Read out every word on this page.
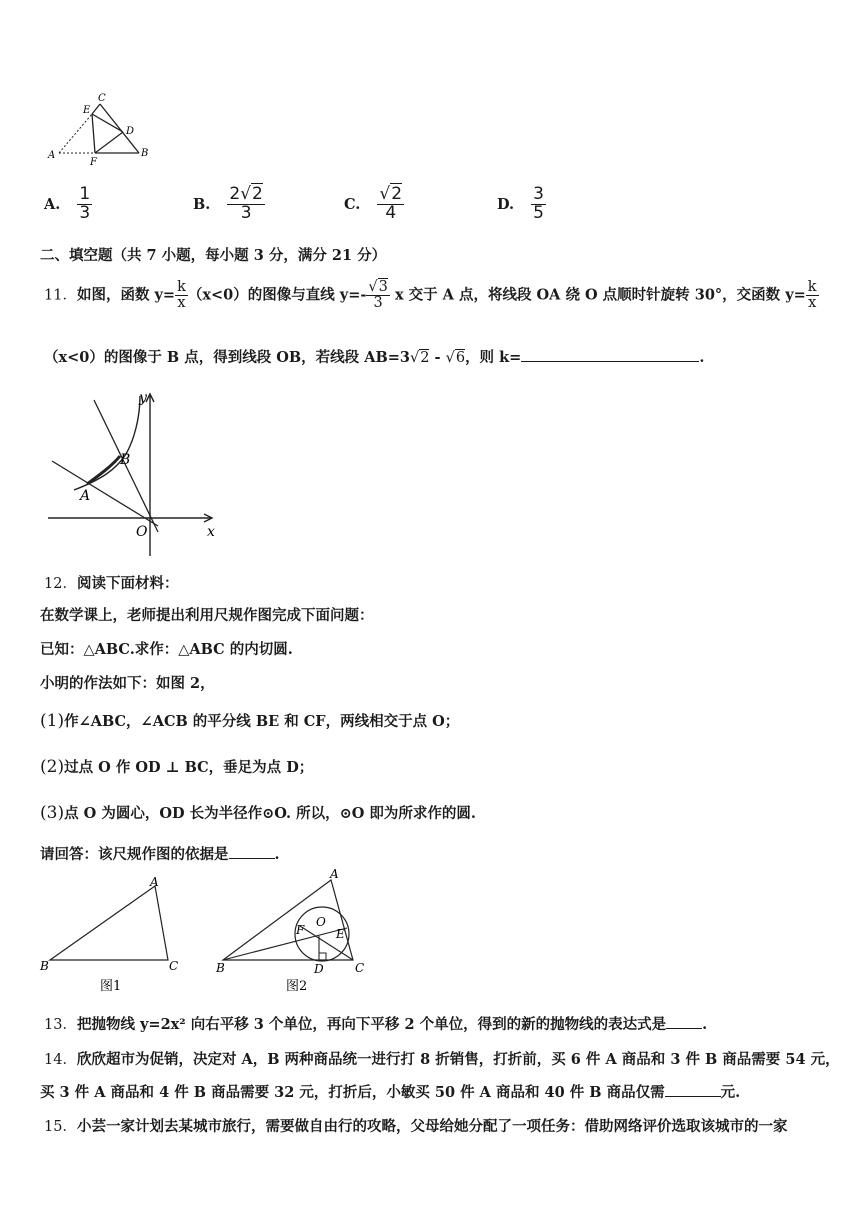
A	B
C
D
E
F
A. $\frac{1}{3}$	B. $\frac{2√2}{3}$	C. $\frac{√2}{4}$	D. $\frac{3}{5}$
二、填空题（共 7 小题，每小题 3 分，满分 21 分）
11．如图，函数 $y= \frac{k}{x} (x<0)$的图像与直线 $y=- \frac{√3}{3}$ x 交于 A 点，将线段 OA 绕 O 点顺时针旋转 30°，交函数 $y= \frac{k}{x}$
（x<0）的图像于 B 点，得到线段 OB，若线段 AB=3√2 - √6，则 k=	.
y
x
O
A
B
12．阅读下面材料：
在数学课上，老师提出利用尺规作图完成下面问题：
已知：△ABC.求作：△ABC 的内切圆.
小明的作法如下：如图 2，
(1)作∠ABC，∠ACB 的平分线 BE 和 CF，两线相交于点 O；
(2)过点 O 作 OD ⊥ BC，垂足为点 D；
(3)点 O 为圆心，OD 长为半径作⊙O. 所以，⊙O 即为所求作的圆.
请回答：该尺规作图的依据是	.
A
B	C
图1
A
B	C
D
E
F
O
图2
13．把抛物线 y=2x² 向右平移 3 个单位，再向下平移 2 个单位，得到的新的抛物线的表达式是 .
14．欣欣超市为促销，决定对 A，B 两种商品统一进行打 8 折销售，打折前，买 6 件 A 商品和 3 件 B 商品需要 54 元，
买 3 件 A 商品和 4 件 B 商品需要 32 元，打折后，小敏买 50 件 A 商品和 40 件 B 商品仅需	元.
15．小芸一家计划去某城市旅行，需要做自由行的攻略，父母给她分配了一项任务：借助网络评价选取该城市的一家
